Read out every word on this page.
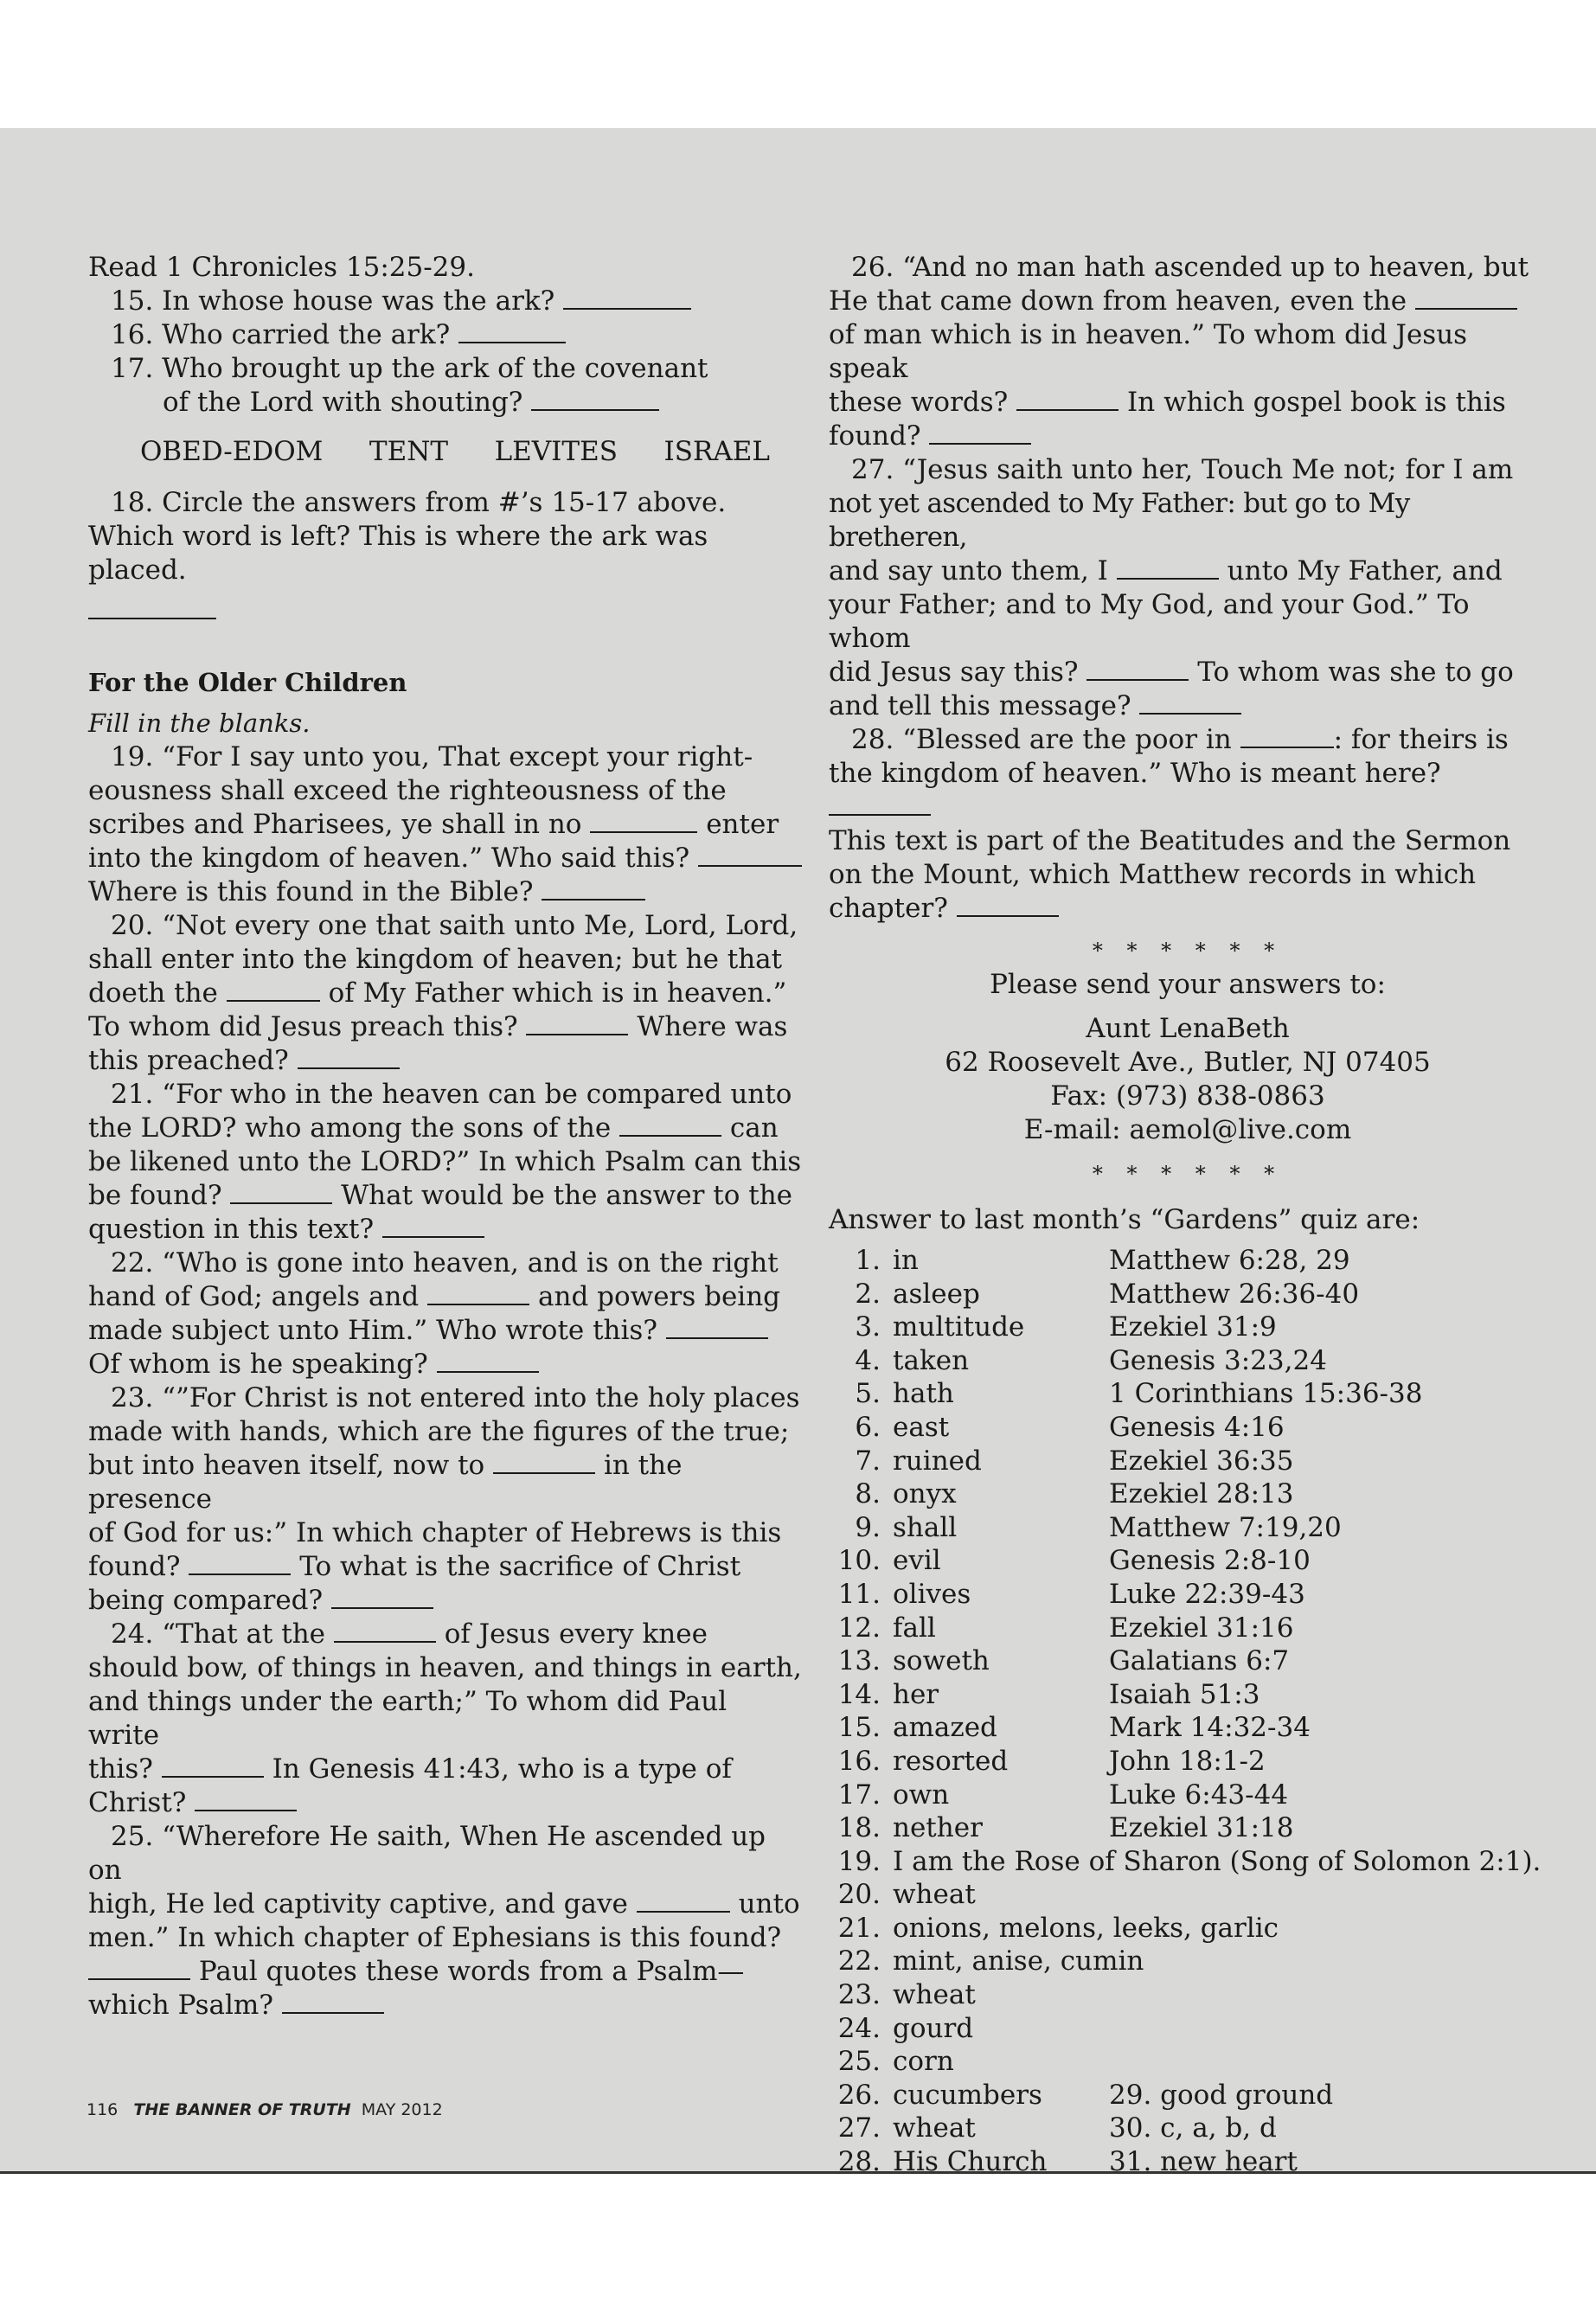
Read 1 Chronicles 15:25-29.

15. In whose house was the ark?

16. Who carried the ark?

17. Who brought up the ark of the covenant

of the Lord with shouting?

OBED-EDOM TENT LEVITES ISRAEL

18. Circle the answers from #’s 15-17 above.

Which word is left? This is where the ark was placed.

For the Older Children

Fill in the blanks.

19. “For I say unto you, That except your right-

eousness shall exceed the righteousness of the

scribes and Pharisees, ye shall in no	enter

into the kingdom of heaven.” Who said this?

Where is this found in the Bible?

20. “Not every one that saith unto Me, Lord, Lord,

shall enter into the kingdom of heaven; but he that

doeth the	of My Father which is in heaven.”

To whom did Jesus preach this?	Where was

this preached?

21. “For who in the heaven can be compared unto

the LORD? who among the sons of the	can

be likened unto the LORD?” In which Psalm can this

be found?	What would be the answer to the

question in this text?

22. “Who is gone into heaven, and is on the right

hand of God; angels and	and powers being

made subject unto Him.” Who wrote this?

Of whom is he speaking?

23. “”For Christ is not entered into the holy places

made with hands, which are the figures of the true;

but into heaven itself, now to	in the presence

of God for us:” In which chapter of Hebrews is this

found?	To what is the sacrifice of Christ

being compared?

24. “That at the	of Jesus every knee

should bow, of things in heaven, and things in earth,

and things under the earth;” To whom did Paul write

this?	In Genesis 41:43, who is a type of

Christ?

25. “Wherefore He saith, When He ascended up on

high, He led captivity captive, and gave	unto

men.” In which chapter of Ephesians is this found?

Paul quotes these words from a Psalm—

which Psalm?

26. “And no man hath ascended up to heaven, but

He that came down from heaven, even the

of man which is in heaven.” To whom did Jesus speak

these words?	In which gospel book is this

found?

27. “Jesus saith unto her, Touch Me not; for I am

not yet ascended to My Father: but go to My bretheren,

and say unto them, I	unto My Father, and

your Father; and to My God, and your God.” To whom

did Jesus say this?	To whom was she to go

and tell this message?

28. “Blessed are the poor in	: for theirs is

the kingdom of heaven.” Who is meant here?

This text is part of the Beatitudes and the Sermon

on the Mount, which Matthew records in which

chapter?

* * * * * *

Please send your answers to:

Aunt LenaBeth

62 Roosevelt Ave., Butler, NJ 07405

Fax: (973) 838-0863

E-mail: aemol@live.com

* * * * * *

Answer to last month’s “Gardens” quiz are:

1.	in	Matthew 6:28, 29
2.	asleep	Matthew 26:36-40
3.	multitude	Ezekiel 31:9
4.	taken	Genesis 3:23,24
5.	hath	1 Corinthians 15:36-38
6.	east	Genesis 4:16
7.	ruined	Ezekiel 36:35
8.	onyx	Ezekiel 28:13
9.	shall	Matthew 7:19,20
10.	evil	Genesis 2:8-10
11.	olives	Luke 22:39-43
12.	fall	Ezekiel 31:16
13.	soweth	Galatians 6:7
14.	her	Isaiah 51:3
15.	amazed	Mark 14:32-34
16.	resorted	John 18:1-2
17.	own	Luke 6:43-44
18.	nether	Ezekiel 31:18
19.	I am the Rose of Sharon (Song of Solomon 2:1).	
20.	wheat	
21.	onions, melons, leeks, garlic	
22.	mint, anise, cumin	
23.	wheat	
24.	gourd	
25.	corn	
26.	cucumbers	29. good ground
27.	wheat	30. c, a, b, d
28.	His Church	31. new heart
116 THE BANNER OF TRUTH MAY 2012
